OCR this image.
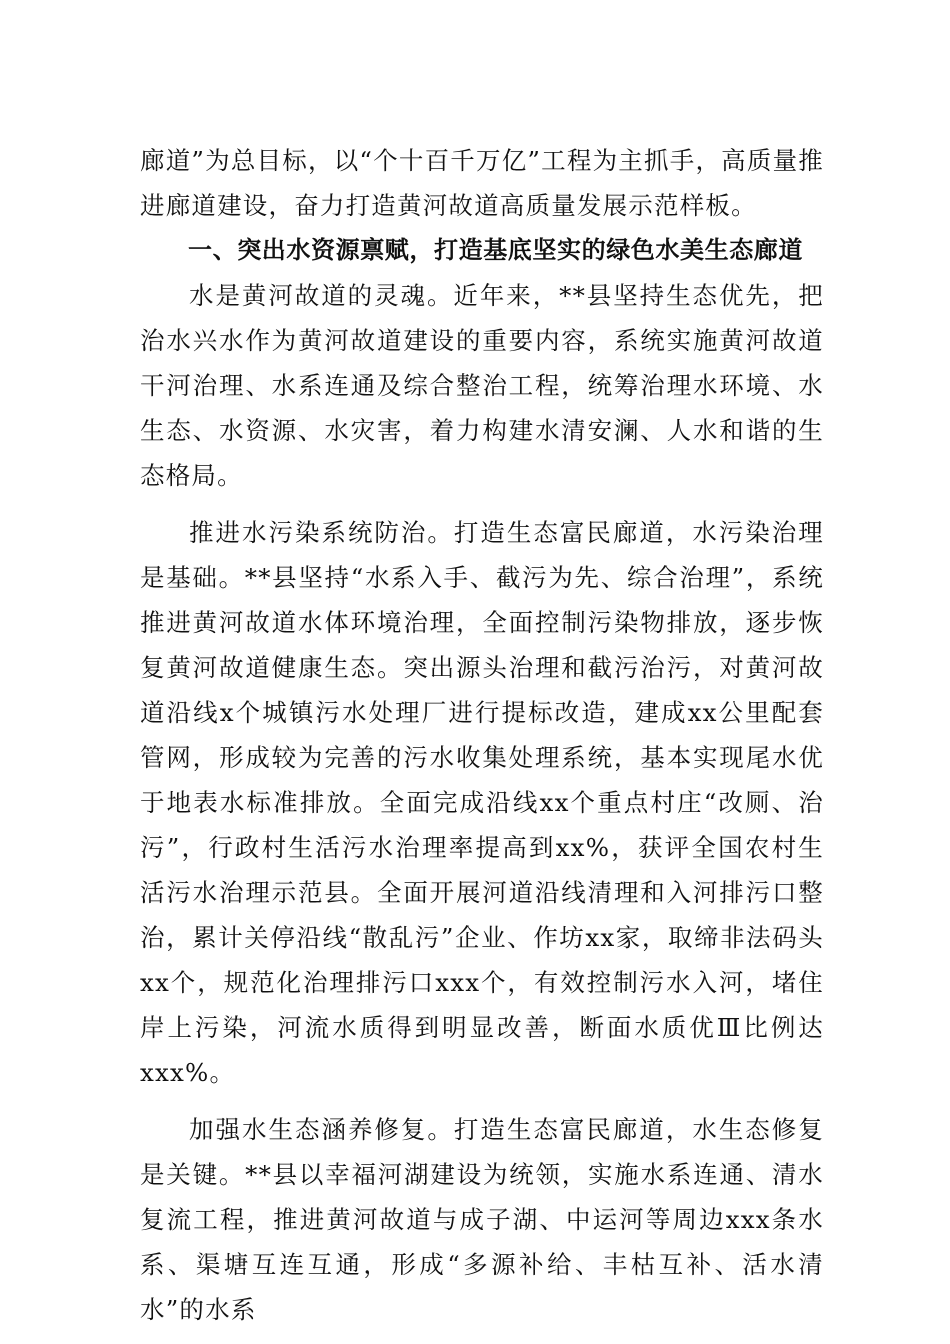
廊道”为总目标，以“个十百千万亿”工程为主抓手，高质量推进廊道建设，奋力打造黄河故道高质量发展示范样板。

一、突出水资源禀赋，打造基底坚实的绿色水美生态廊道

水是黄河故道的灵魂。近年来，**县坚持生态优先，把治水兴水作为黄河故道建设的重要内容，系统实施黄河故道干河治理、水系连通及综合整治工程，统筹治理水环境、水生态、水资源、水灾害，着力构建水清安澜、人水和谐的生态格局。

推进水污染系统防治。打造生态富民廊道，水污染治理是基础。**县坚持“水系入手、截污为先、综合治理”，系统推进黄河故道水体环境治理，全面控制污染物排放，逐步恢复黄河故道健康生态。突出源头治理和截污治污，对黄河故道沿线x个城镇污水处理厂进行提标改造，建成xx公里配套管网，形成较为完善的污水收集处理系统，基本实现尾水优于地表水标准排放。全面完成沿线xx个重点村庄“改厕、治污”，行政村生活污水治理率提高到xx%，获评全国农村生活污水治理示范县。全面开展河道沿线清理和入河排污口整治，累计关停沿线“散乱污”企业、作坊xx家，取缔非法码头xx个，规范化治理排污口xxx个，有效控制污水入河，堵住岸上污染，河流水质得到明显改善，断面水质优Ⅲ比例达xxx%。

加强水生态涵养修复。打造生态富民廊道，水生态修复是关键。**县以幸福河湖建设为统领，实施水系连通、清水复流工程，推进黄河故道与成子湖、中运河等周边xxx条水系、渠塘互连互通，形成“多源补给、丰枯互补、活水清水”的水系
